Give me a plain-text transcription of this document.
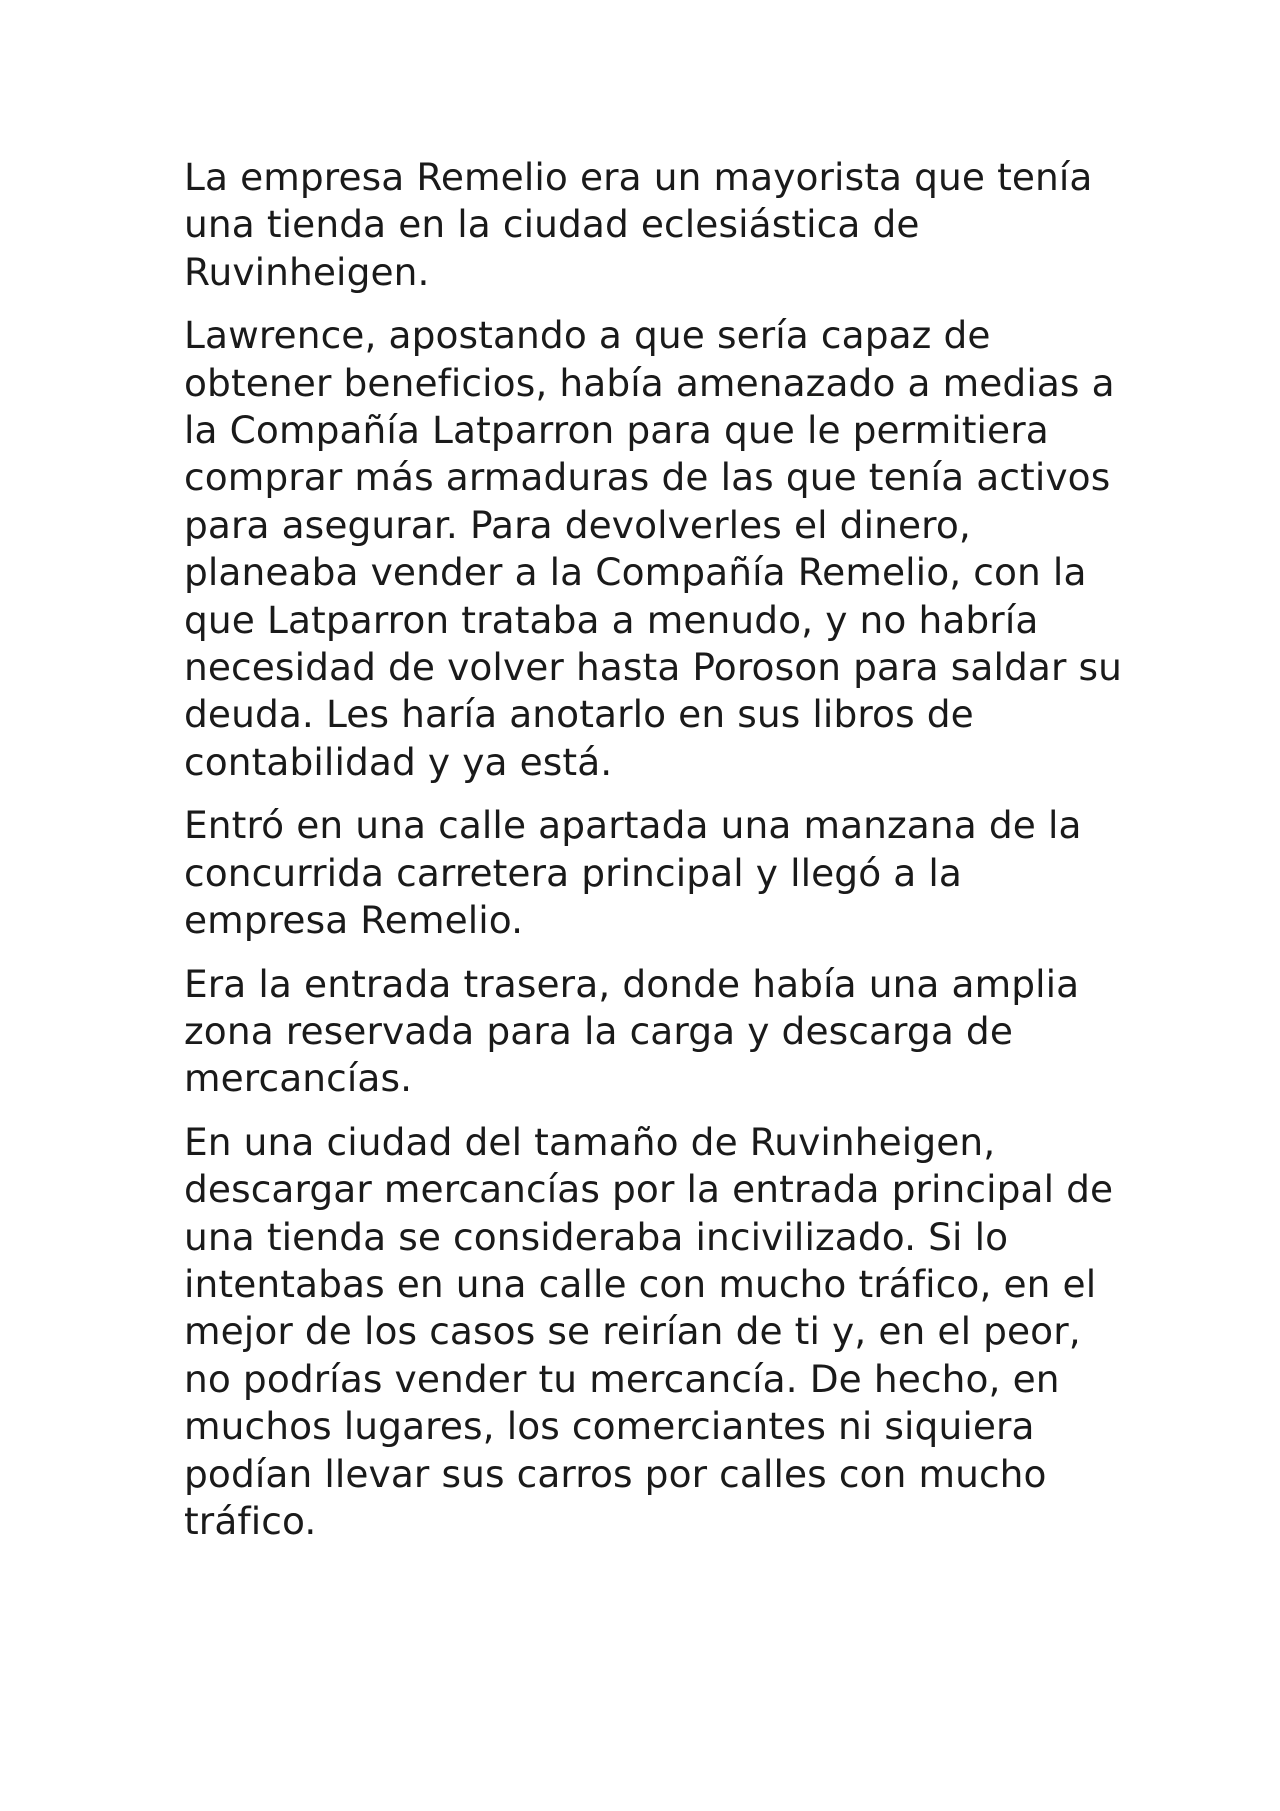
La empresa Remelio era un mayorista que tenía una tienda en la ciudad eclesiástica de Ruvinheigen.

Lawrence, apostando a que sería capaz de obtener beneficios, había amenazado a medias a la Compañía Latparron para que le permitiera comprar más armaduras de las que tenía activos para asegurar. Para devolverles el dinero, planeaba vender a la Compañía Remelio, con la que Latparron trataba a menudo, y no habría necesidad de volver hasta Poroson para saldar su deuda. Les haría anotarlo en sus libros de contabilidad y ya está.

Entró en una calle apartada una manzana de la concurrida carretera principal y llegó a la empresa Remelio.

Era la entrada trasera, donde había una amplia zona reservada para la carga y descarga de mercancías.

En una ciudad del tamaño de Ruvinheigen, descargar mercancías por la entrada principal de una tienda se consideraba incivilizado. Si lo intentabas en una calle con mucho tráfico, en el mejor de los casos se reirían de ti y, en el peor, no podrías vender tu mercancía. De hecho, en muchos lugares, los comerciantes ni siquiera podían llevar sus carros por calles con mucho tráfico.
